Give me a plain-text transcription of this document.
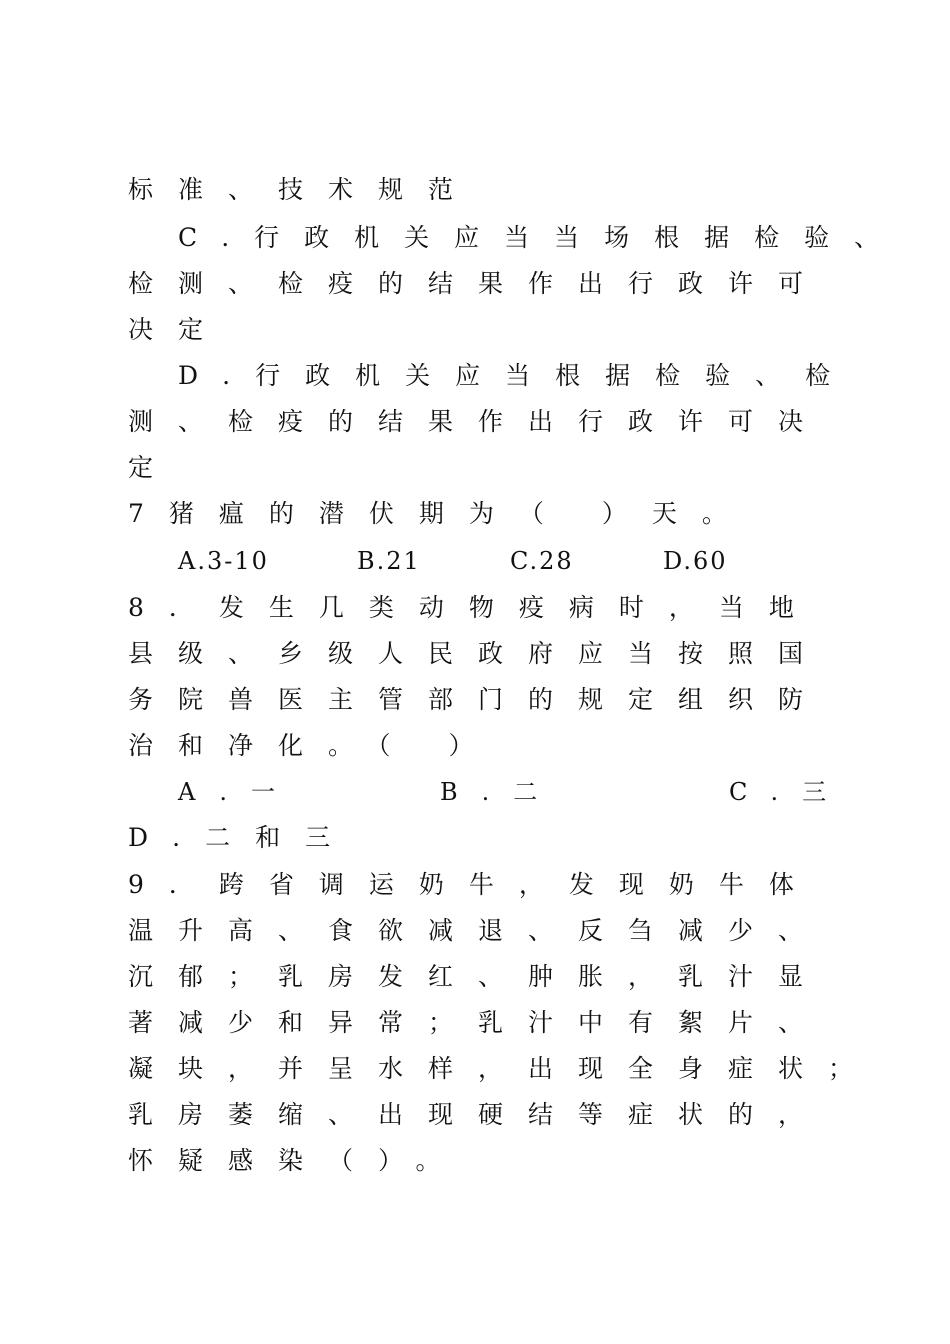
标准、技术规范
C.行政机关应当当场根据检验、
检测、检疫的结果作出行政许可
决定
D.行政机关应当根据检验、检
测、检疫的结果作出行政许可决
定
7猪瘟的潜伏期为（ ）天。
A.3-10	B.21	C.28	D.60
8．发生几类动物疫病时，当地
县级、乡级人民政府应当按照国
务院兽医主管部门的规定组织防
治和净化。（ ）
A.一	B.二	C.三
D.二和三
9．跨省调运奶牛，发现奶牛体
温升高、食欲减退、反刍减少、
沉郁；乳房发红、肿胀，乳汁显
著减少和异常；乳汁中有絮片、
凝块，并呈水样，出现全身症状；
乳房萎缩、出现硬结等症状的，
怀疑感染（）。
